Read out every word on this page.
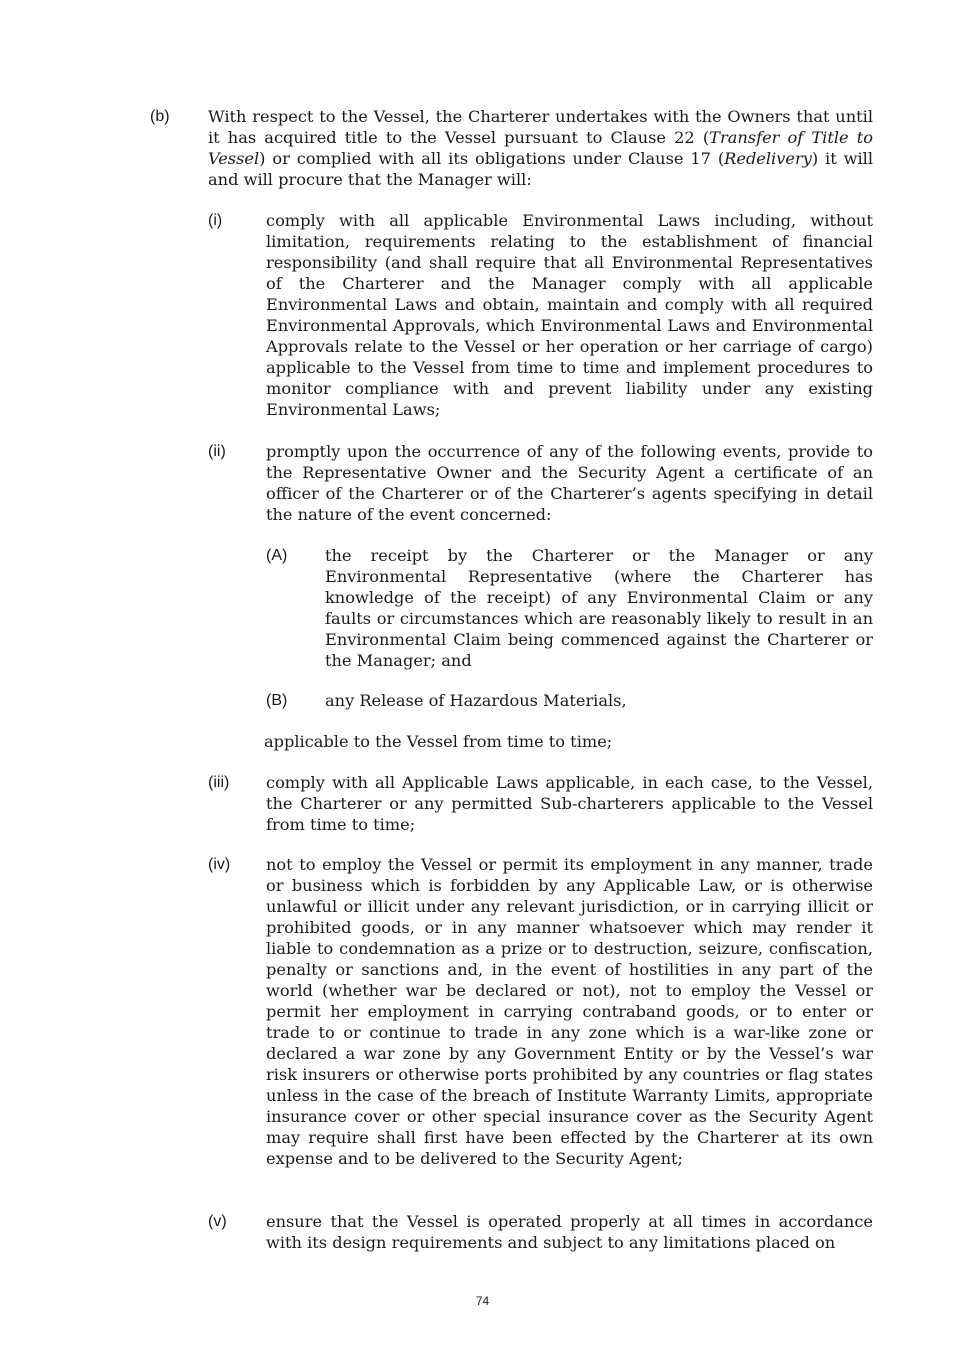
(b) With respect to the Vessel, the Charterer undertakes with the Owners that until it has acquired title to the Vessel pursuant to Clause 22 (Transfer of Title to Vessel) or complied with all its obligations under Clause 17 (Redelivery) it will and will procure that the Manager will:
(i)	comply with all applicable Environmental Laws including, without limitation, requirements relating to the establishment of financial responsibility (and shall require that all Environmental Representatives of the Charterer and the Manager comply with all applicable Environmental Laws and obtain, maintain and comply with all required Environmental Approvals, which Environmental Laws and Environmental Approvals relate to the Vessel or her operation or her carriage of cargo) applicable to the Vessel from time to time and implement procedures to monitor compliance with and prevent liability under any existing Environmental Laws;
(ii) promptly upon the occurrence of any of the following events, provide to the Representative Owner and the Security Agent a certificate of an officer of the Charterer or of the Charterer’s agents specifying in detail the nature of the event concerned:
(A) the receipt by the Charterer or the Manager or any Environmental Representative (where the Charterer has knowledge of the receipt) of any Environmental Claim or any faults or circumstances which are reasonably likely to result in an Environmental Claim being commenced against the Charterer or the Manager; and
(B) any Release of Hazardous Materials,
applicable to the Vessel from time to time;
(iii) comply with all Applicable Laws applicable, in each case, to the Vessel, the Charterer or any permitted Sub-charterers applicable to the Vessel from time to time;
(iv) not to employ the Vessel or permit its employment in any manner, trade or business which is forbidden by any Applicable Law, or is otherwise unlawful or illicit under any relevant jurisdiction, or in carrying illicit or prohibited goods, or in any manner whatsoever which may render it liable to condemnation as a prize or to destruction, seizure, confiscation, penalty or sanctions and, in the event of hostilities in any part of the world (whether war be declared or not), not to employ the Vessel or permit her employment in carrying contraband goods, or to enter or trade to or continue to trade in any zone which is a war-like zone or declared a war zone by any Government Entity or by the Vessel’s war risk insurers or otherwise ports prohibited by any countries or flag states unless in the case of the breach of Institute Warranty Limits, appropriate insurance cover or other special insurance cover as the Security Agent may require shall first have been effected by the Charterer at its own expense and to be delivered to the Security Agent;
(v) ensure that the Vessel is operated properly at all times in accordance with its design requirements and subject to any limitations placed on
74
